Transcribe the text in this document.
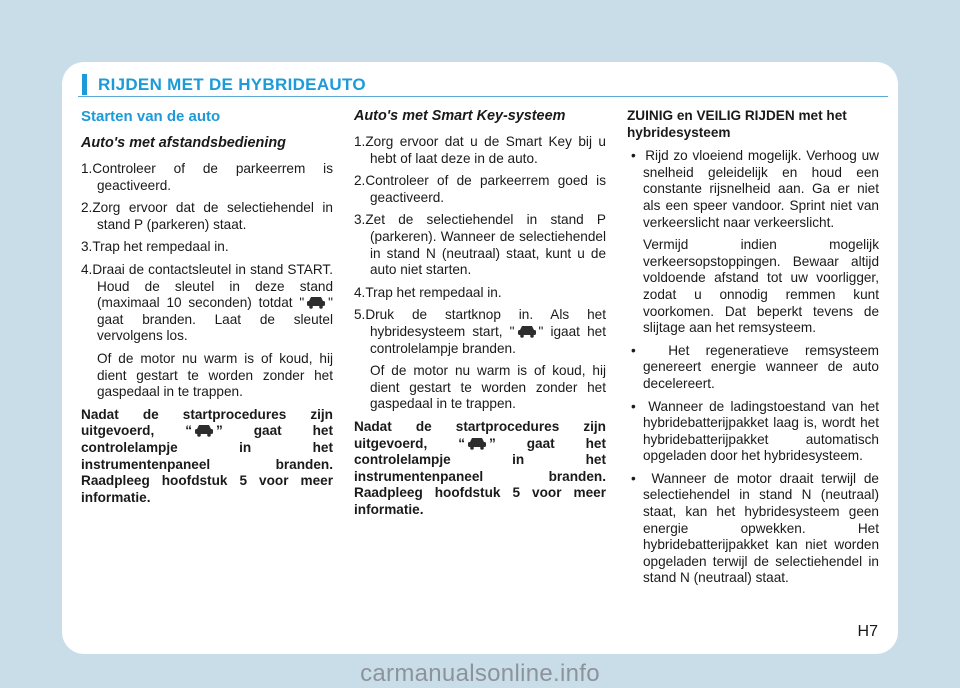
RIJDEN MET DE HYBRIDEAUTO
Starten van de auto
Auto's met afstandsbediening
1.Controleer of de parkeerrem is geactiveerd.
2.Zorg ervoor dat de selectiehendel in stand P (parkeren) staat.
3.Trap het rempedaal in.
4.Draai de contactsleutel in stand START. Houd de sleutel in deze stand (maximaal 10 seconden) totdat " " gaat branden. Laat de sleutel vervolgens los.
Of de motor nu warm is of koud, hij dient gestart te worden zonder het gaspedaal in te trappen.
Nadat de startprocedures zijn uitgevoerd, “ ” gaat het controlelampje in het instrumentenpaneel branden. Raadpleeg hoofdstuk 5 voor meer informatie.
Auto's met Smart Key-systeem
1.Zorg ervoor dat u de Smart Key bij u hebt of laat deze in de auto.
2.Controleer of de parkeerrem goed is geactiveerd.
3.Zet de selectiehendel in stand P (parkeren). Wanneer de selectiehendel in stand N (neutraal) staat, kunt u de auto niet starten.
4.Trap het rempedaal in.
5.Druk de startknop in. Als het hybridesysteem start, " " igaat het controlelampje branden.
Of de motor nu warm is of koud, hij dient gestart te worden zonder het gaspedaal in te trappen.
Nadat de startprocedures zijn uitgevoerd, “ ” gaat het controlelampje in het instrumentenpaneel branden. Raadpleeg hoofdstuk 5 voor meer informatie.
ZUINIG en VEILIG RIJDEN met het hybridesysteem
• Rijd zo vloeiend mogelijk. Verhoog uw snelheid geleidelijk en houd een constante rijsnelheid aan. Ga er niet als een speer vandoor. Sprint niet van verkeerslicht naar verkeerslicht.
Vermijd indien mogelijk verkeersopstoppingen. Bewaar altijd voldoende afstand tot uw voorligger, zodat u onnodig remmen kunt voorkomen. Dat beperkt tevens de slijtage aan het remsysteem.
• Het regeneratieve remsysteem genereert energie wanneer de auto decelereert.
• Wanneer de ladingstoestand van het hybridebatterijpakket laag is, wordt het hybridebatterijpakket automatisch opgeladen door het hybridesysteem.
• Wanneer de motor draait terwijl de selectiehendel in stand N (neutraal) staat, kan het hybridesysteem geen energie opwekken. Het hybridebatterijpakket kan niet worden opgeladen terwijl de selectiehendel in stand N (neutraal) staat.
H7
carmanualsonline.info
